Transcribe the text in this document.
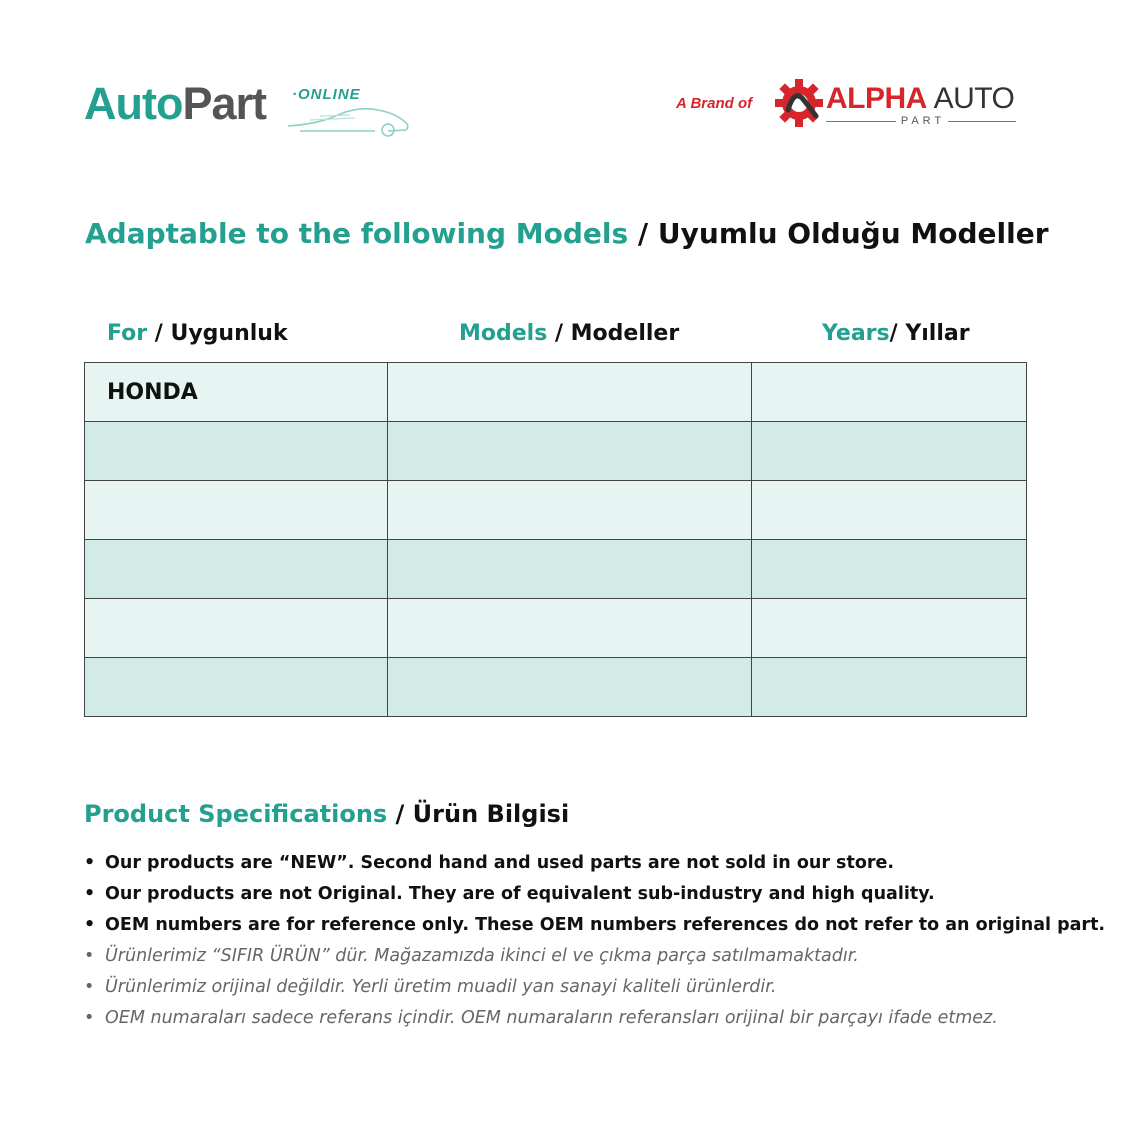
AutoPart ·ONLINE
A Brand of ALPHA AUTO
PART
Adaptable to the following Models / Uyumlu Olduğu Modeller
For / Uygunluk	Models / Modeller	Years/ Yıllar
HONDA		

Product Specifications / Ürün Bilgisi
• Our products are “NEW”. Second hand and used parts are not sold in our store.
• Our products are not Original. They are of equivalent sub-industry and high quality.
• OEM numbers are for reference only. These OEM numbers references do not refer to an original part.
• Ürünlerimiz “SIFIR ÜRÜN” dür. Mağazamızda ikinci el ve çıkma parça satılmamaktadır.
• Ürünlerimiz orijinal değildir. Yerli üretim muadil yan sanayi kaliteli ürünlerdir.
• OEM numaraları sadece referans içindir. OEM numaraların referansları orijinal bir parçayı ifade etmez.
